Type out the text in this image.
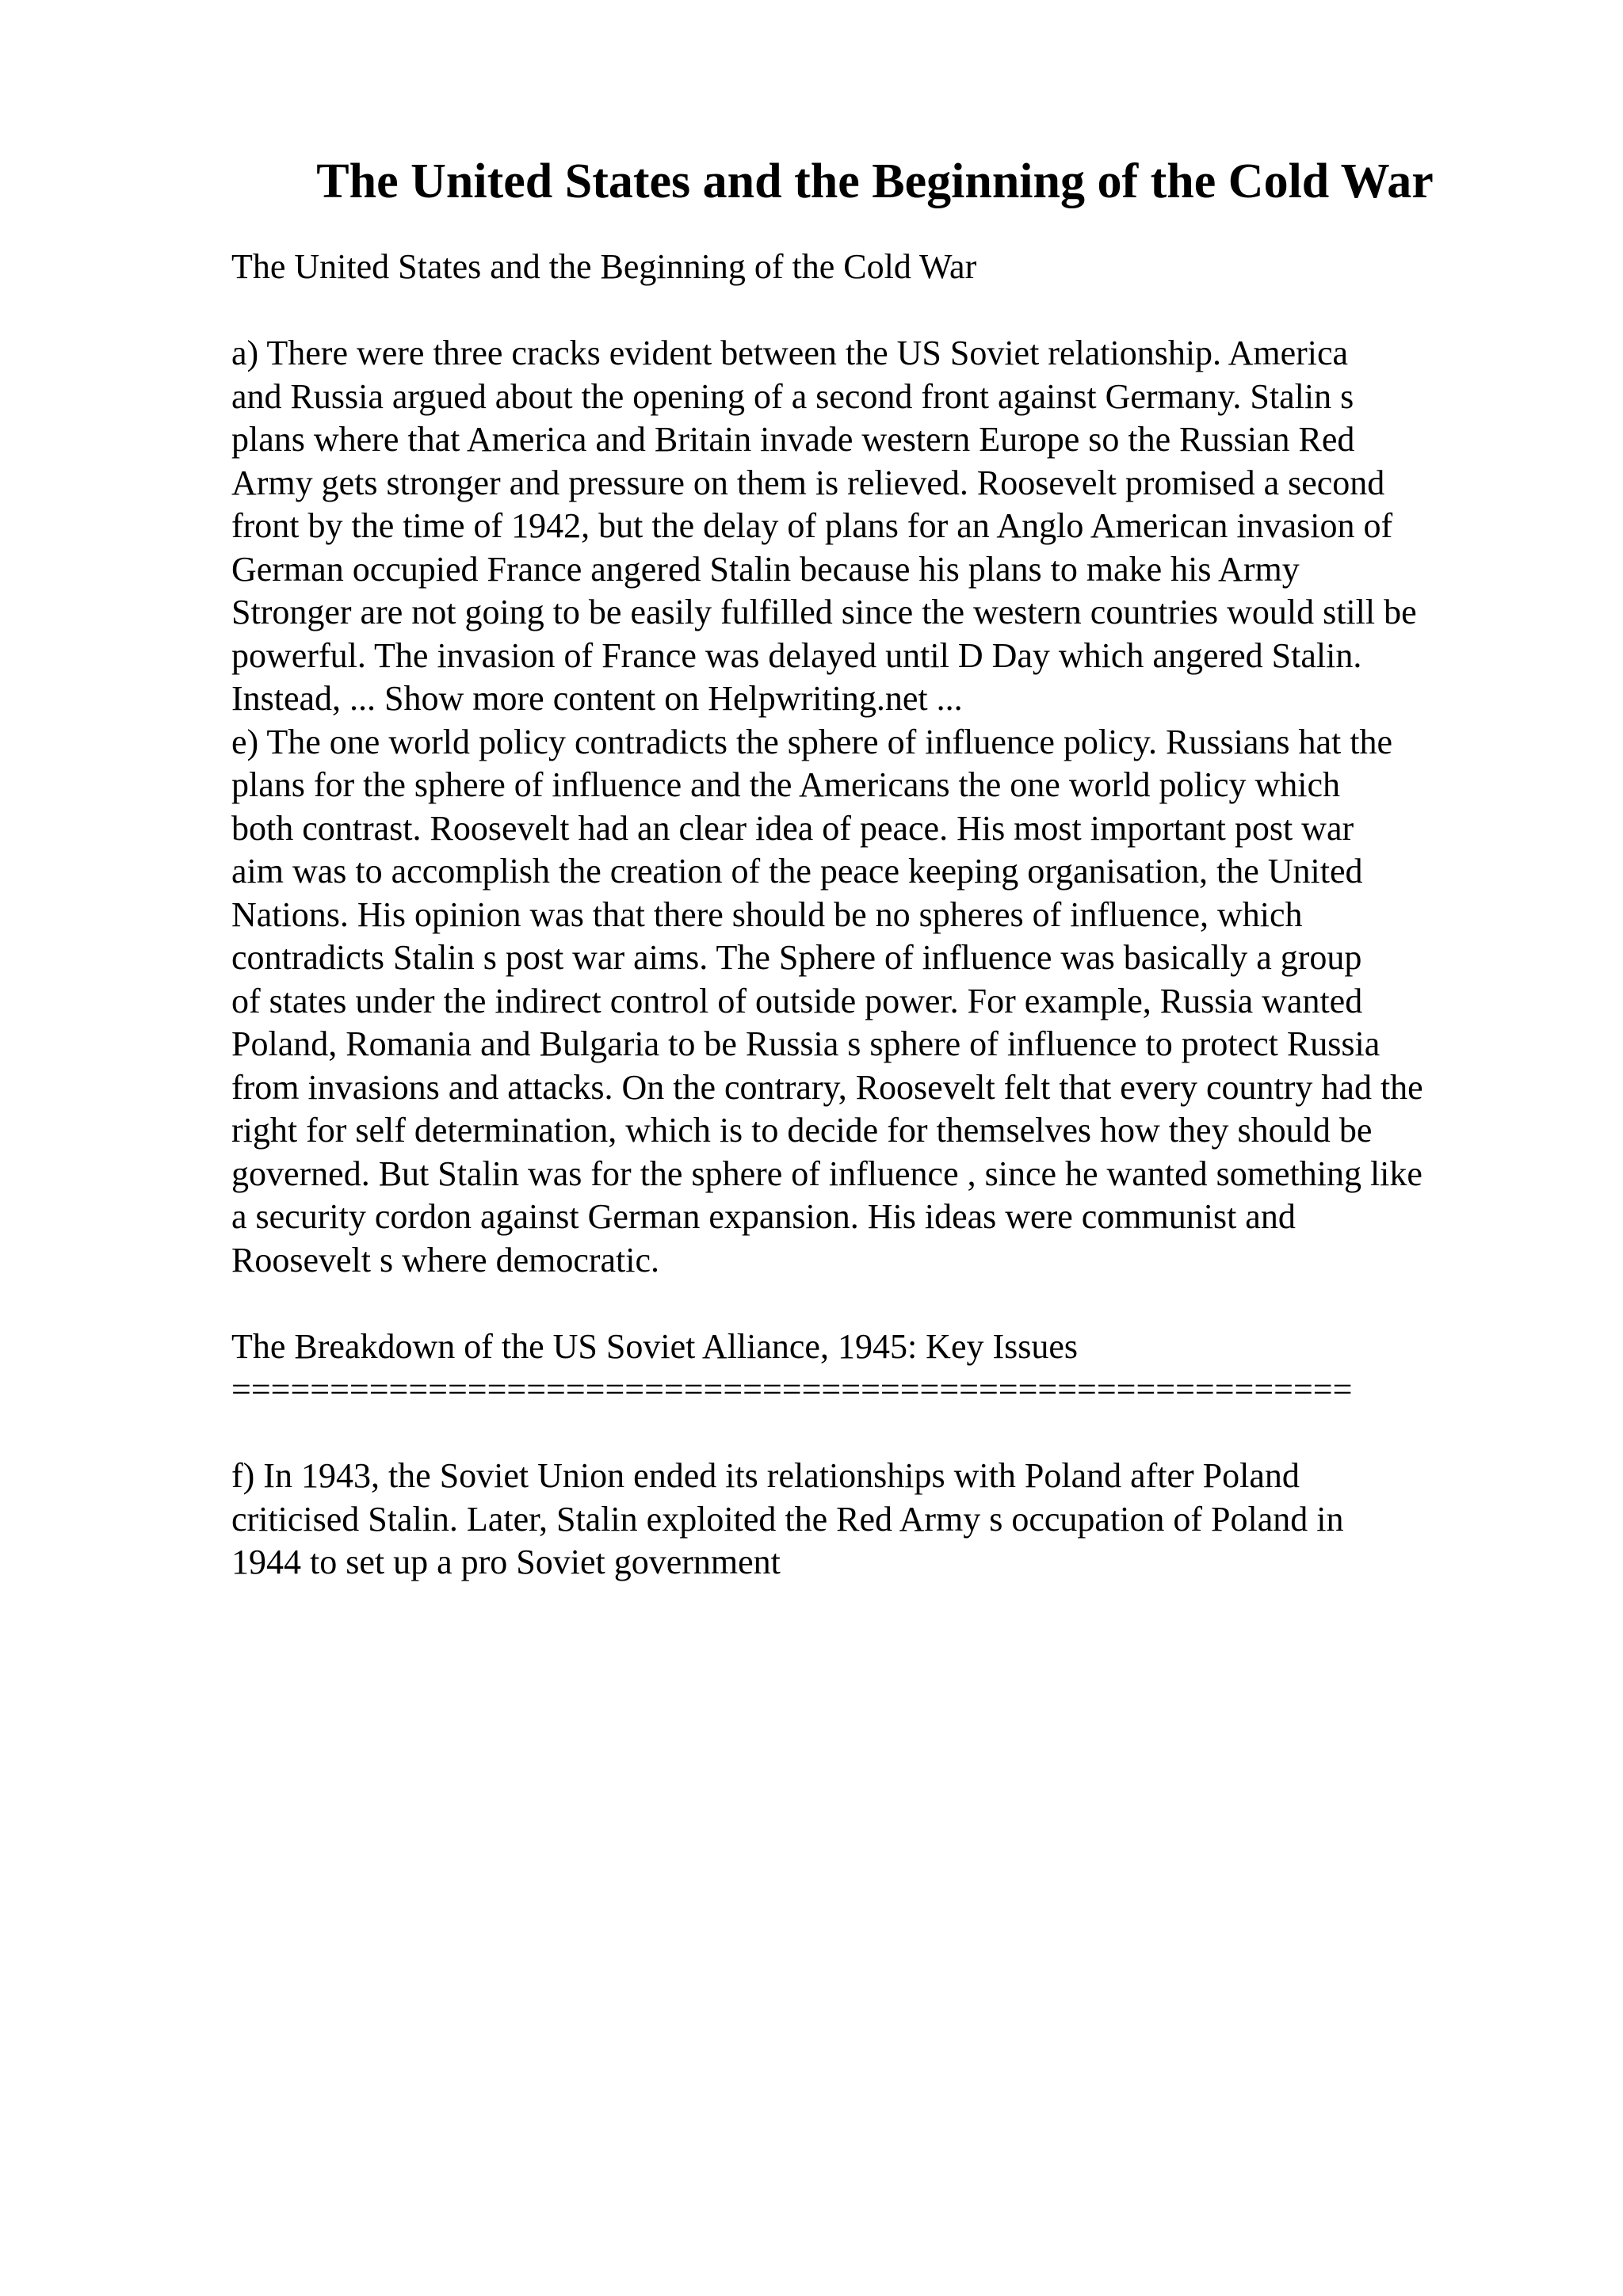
The United States and the Beginning of the Cold War
The United States and the Beginning of the Cold War
a) There were three cracks evident between the US Soviet relationship. America
and Russia argued about the opening of a second front against Germany. Stalin s
plans where that America and Britain invade western Europe so the Russian Red
Army gets stronger and pressure on them is relieved. Roosevelt promised a second
front by the time of 1942, but the delay of plans for an Anglo American invasion of
German occupied France angered Stalin because his plans to make his Army
Stronger are not going to be easily fulfilled since the western countries would still be
powerful. The invasion of France was delayed until D Day which angered Stalin.
Instead, ... Show more content on Helpwriting.net ...
e) The one world policy contradicts the sphere of influence policy. Russians hat the
plans for the sphere of influence and the Americans the one world policy which
both contrast. Roosevelt had an clear idea of peace. His most important post war
aim was to accomplish the creation of the peace keeping organisation, the United
Nations. His opinion was that there should be no spheres of influence, which
contradicts Stalin s post war aims. The Sphere of influence was basically a group
of states under the indirect control of outside power. For example, Russia wanted
Poland, Romania and Bulgaria to be Russia s sphere of influence to protect Russia
from invasions and attacks. On the contrary, Roosevelt felt that every country had the
right for self determination, which is to decide for themselves how they should be
governed. But Stalin was for the sphere of influence , since he wanted something like
a security cordon against German expansion. His ideas were communist and
Roosevelt s where democratic.
The Breakdown of the US Soviet Alliance, 1945: Key Issues
=========================================================
f) In 1943, the Soviet Union ended its relationships with Poland after Poland
criticised Stalin. Later, Stalin exploited the Red Army s occupation of Poland in
1944 to set up a pro Soviet government
